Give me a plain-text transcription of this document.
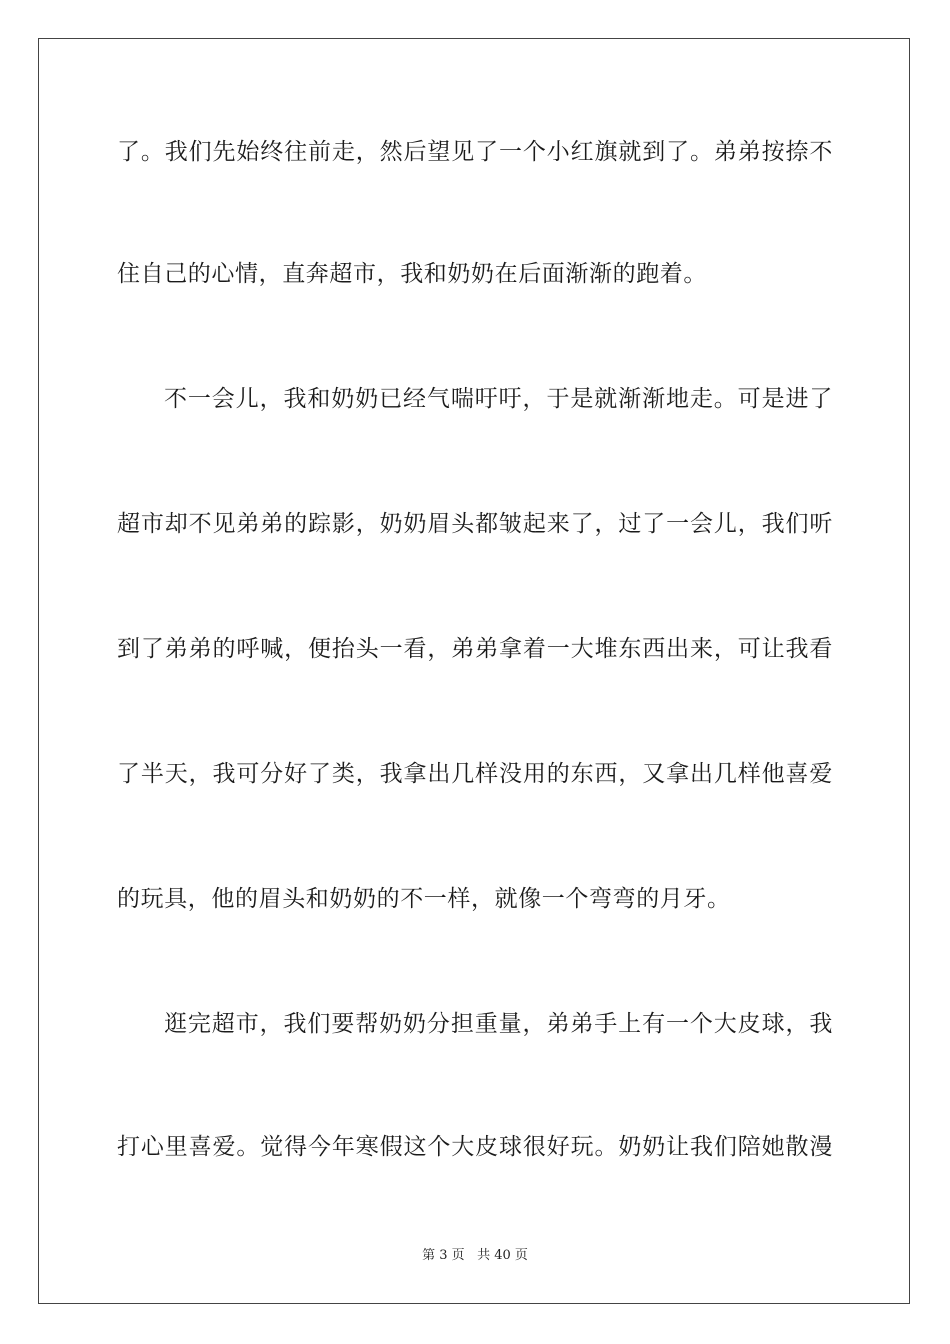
了。我们先始终往前走，然后望见了一个小红旗就到了。弟弟按捺不
住自己的心情，直奔超市，我和奶奶在后面渐渐的跑着。
不一会儿，我和奶奶已经气喘吁吁，于是就渐渐地走。可是进了
超市却不见弟弟的踪影，奶奶眉头都皱起来了，过了一会儿，我们听
到了弟弟的呼喊，便抬头一看，弟弟拿着一大堆东西出来，可让我看
了半天，我可分好了类，我拿出几样没用的东西，又拿出几样他喜爱
的玩具，他的眉头和奶奶的不一样，就像一个弯弯的月牙。
逛完超市，我们要帮奶奶分担重量，弟弟手上有一个大皮球，我
打心里喜爱。觉得今年寒假这个大皮球很好玩。奶奶让我们陪她散漫
第 3 页 共 40 页
